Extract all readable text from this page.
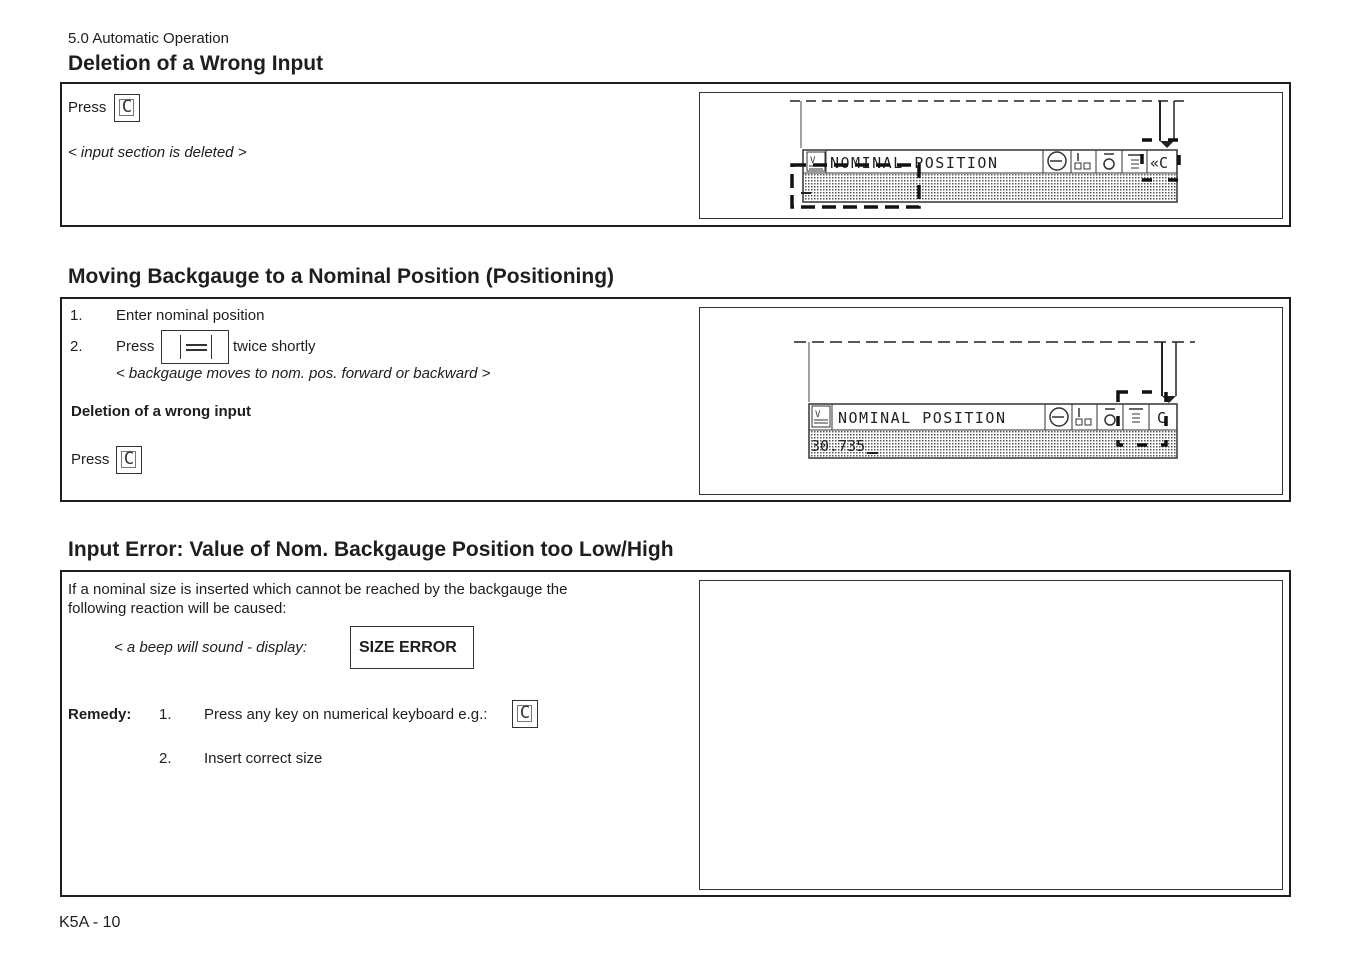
5.0 Automatic Operation
Deletion of a Wrong Input
Press C
< input section is deleted >	V NOMINAL POSITION	«C
Moving Backgauge to a Nominal Position (Positioning)
1. Enter nominal position
2. Press	twice shortly
< backgauge moves to nom. pos. forward or backward >
Deletion of a wrong input
Press C
V NOMINAL POSITION	C
30.735
Input Error: Value of Nom. Backgauge Position too Low/High
If a nominal size is inserted which cannot be reached by the backgauge the
following reaction will be caused:
< a beep will sound - display:	SIZE ERROR
Remedy: 1. Press any key on numerical keyboard e.g.:	C
2. Insert correct size
K5A - 10
